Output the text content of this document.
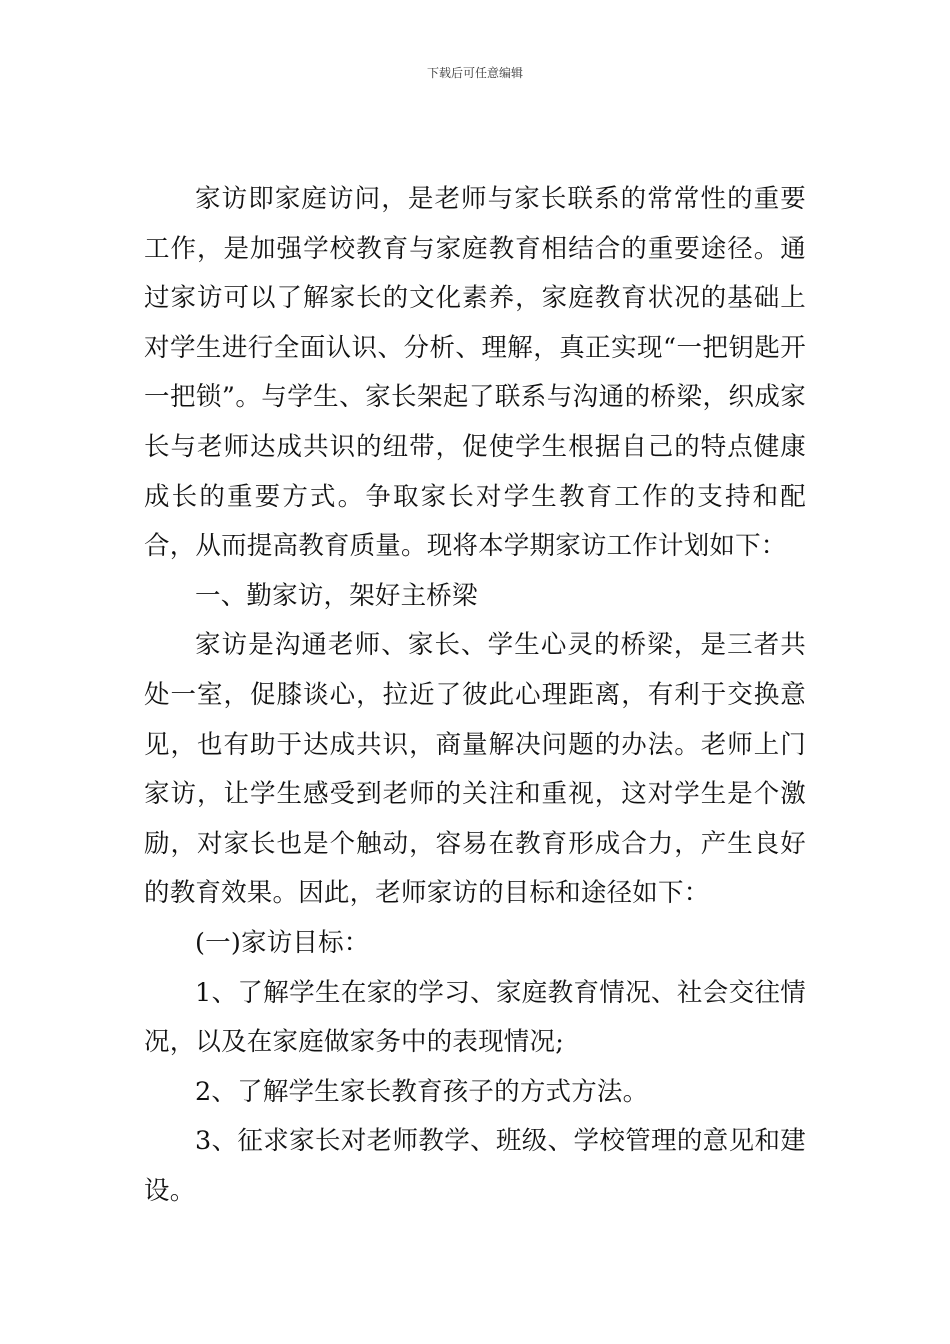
下载后可任意编辑

家访即家庭访问，是老师与家长联系的常常性的重要工作，是加强学校教育与家庭教育相结合的重要途径。通过家访可以了解家长的文化素养，家庭教育状况的基础上对学生进行全面认识、分析、理解，真正实现“一把钥匙开一把锁”。与学生、家长架起了联系与沟通的桥梁，织成家长与老师达成共识的纽带，促使学生根据自己的特点健康成长的重要方式。争取家长对学生教育工作的支持和配合，从而提高教育质量。现将本学期家访工作计划如下：

一、勤家访，架好主桥梁

家访是沟通老师、家长、学生心灵的桥梁，是三者共处一室，促膝谈心，拉近了彼此心理距离，有利于交换意见，也有助于达成共识，商量解决问题的办法。老师上门家访，让学生感受到老师的关注和重视，这对学生是个激励，对家长也是个触动，容易在教育形成合力，产生良好的教育效果。因此，老师家访的目标和途径如下：

(一)家访目标：

1、了解学生在家的学习、家庭教育情况、社会交往情况，以及在家庭做家务中的表现情况;

2、了解学生家长教育孩子的方式方法。

3、征求家长对老师教学、班级、学校管理的意见和建设。
